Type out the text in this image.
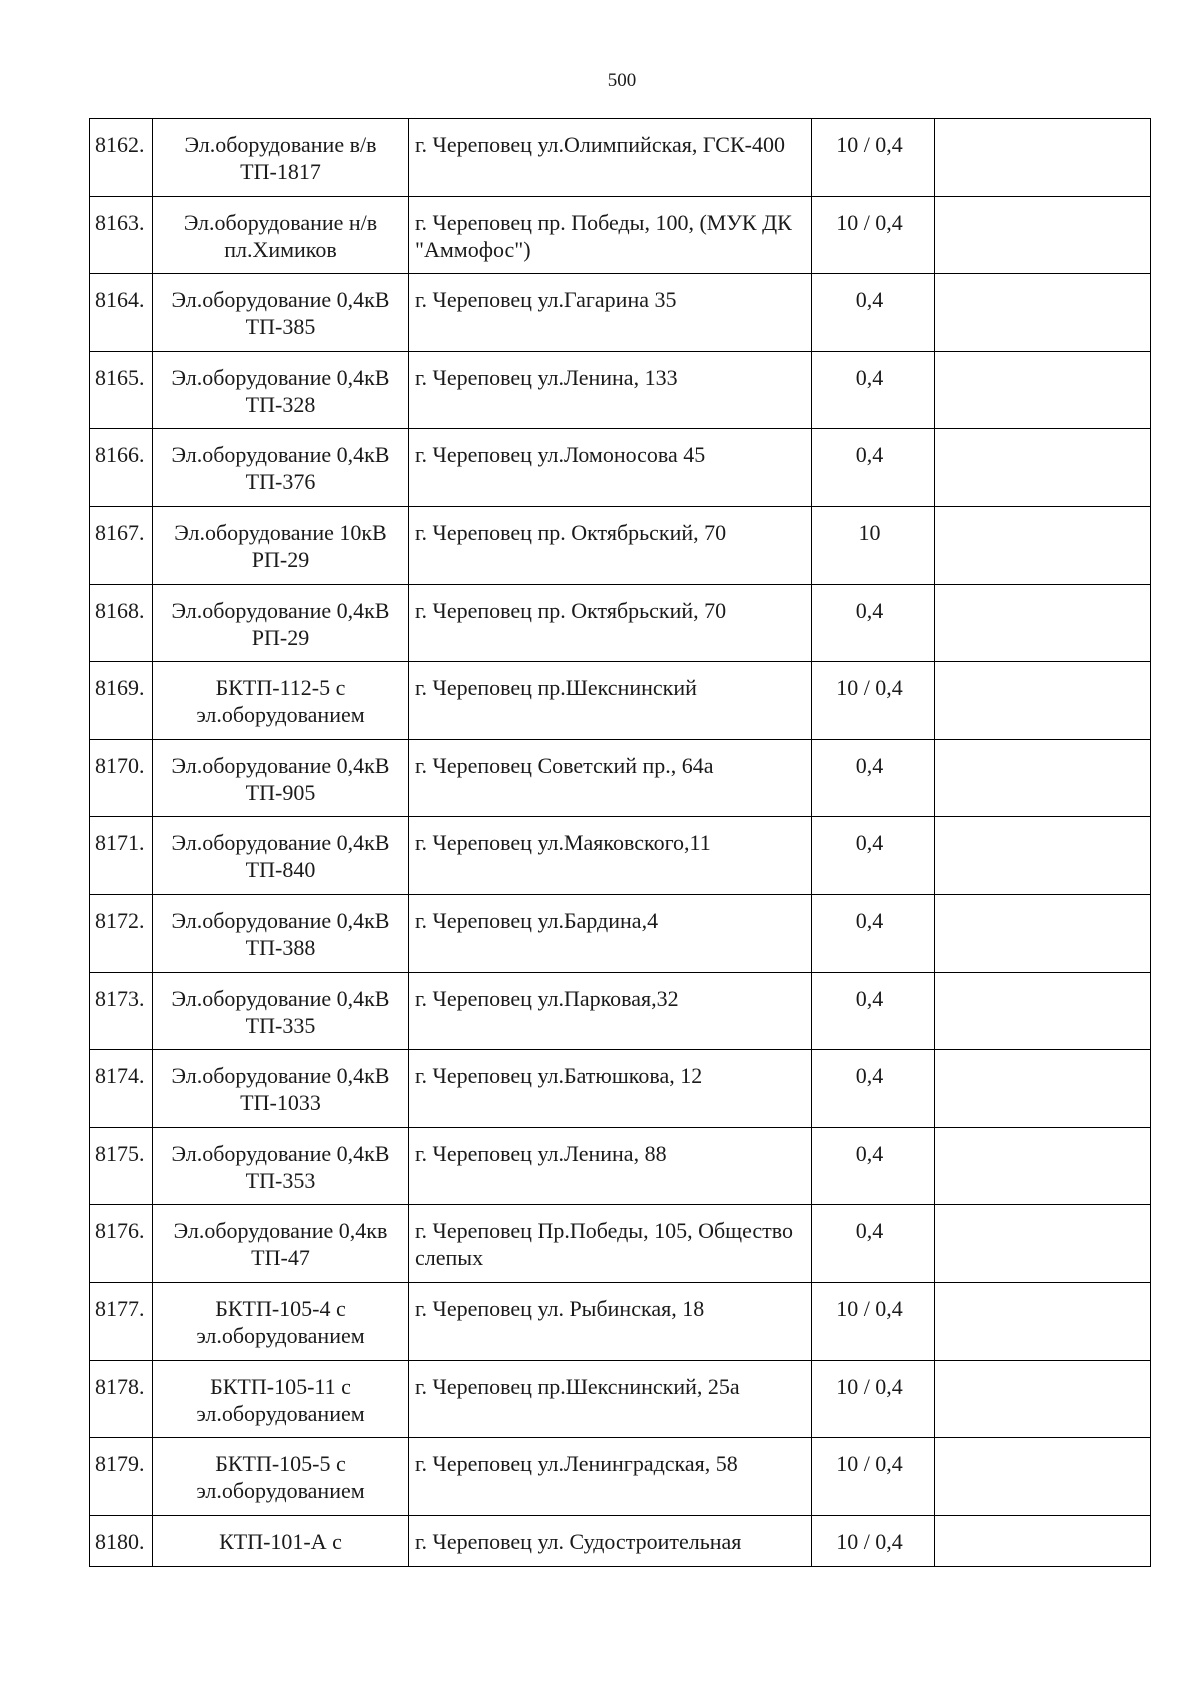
500
8162.	Эл.оборудование в/в ТП-1817	г. Череповец ул.Олимпийская, ГСК-400	10 / 0,4	
8163.	Эл.оборудование н/в пл.Химиков	г. Череповец пр. Победы, 100, (МУК ДК "Аммофос")	10 / 0,4	
8164.	Эл.оборудование 0,4кВ ТП-385	г. Череповец ул.Гагарина 35	0,4	
8165.	Эл.оборудование 0,4кВ ТП-328	г. Череповец ул.Ленина, 133	0,4	
8166.	Эл.оборудование 0,4кВ ТП-376	г. Череповец ул.Ломоносова 45	0,4	
8167.	Эл.оборудование 10кВ РП-29	г. Череповец пр. Октябрьский, 70	10	
8168.	Эл.оборудование 0,4кВ РП-29	г. Череповец пр. Октябрьский, 70	0,4	
8169.	БКТП-112-5 с эл.оборудованием	г. Череповец пр.Шекснинский	10 / 0,4	
8170.	Эл.оборудование 0,4кВ ТП-905	г. Череповец Советский пр., 64а	0,4	
8171.	Эл.оборудование 0,4кВ ТП-840	г. Череповец ул.Маяковского,11	0,4	
8172.	Эл.оборудование 0,4кВ ТП-388	г. Череповец ул.Бардина,4	0,4	
8173.	Эл.оборудование 0,4кВ ТП-335	г. Череповец ул.Парковая,32	0,4	
8174.	Эл.оборудование 0,4кВ ТП-1033	г. Череповец ул.Батюшкова, 12	0,4	
8175.	Эл.оборудование 0,4кВ ТП-353	г. Череповец ул.Ленина, 88	0,4	
8176.	Эл.оборудование 0,4кв ТП-47	г. Череповец Пр.Победы, 105, Общество слепых	0,4	
8177.	БКТП-105-4 с эл.оборудованием	г. Череповец ул. Рыбинская, 18	10 / 0,4	
8178.	БКТП-105-11 с эл.оборудованием	г. Череповец пр.Шекснинский, 25а	10 / 0,4	
8179.	БКТП-105-5 с эл.оборудованием	г. Череповец ул.Ленинградская, 58	10 / 0,4	
8180.	КТП-101-А с	г. Череповец ул. Судостроительная	10 / 0,4	
